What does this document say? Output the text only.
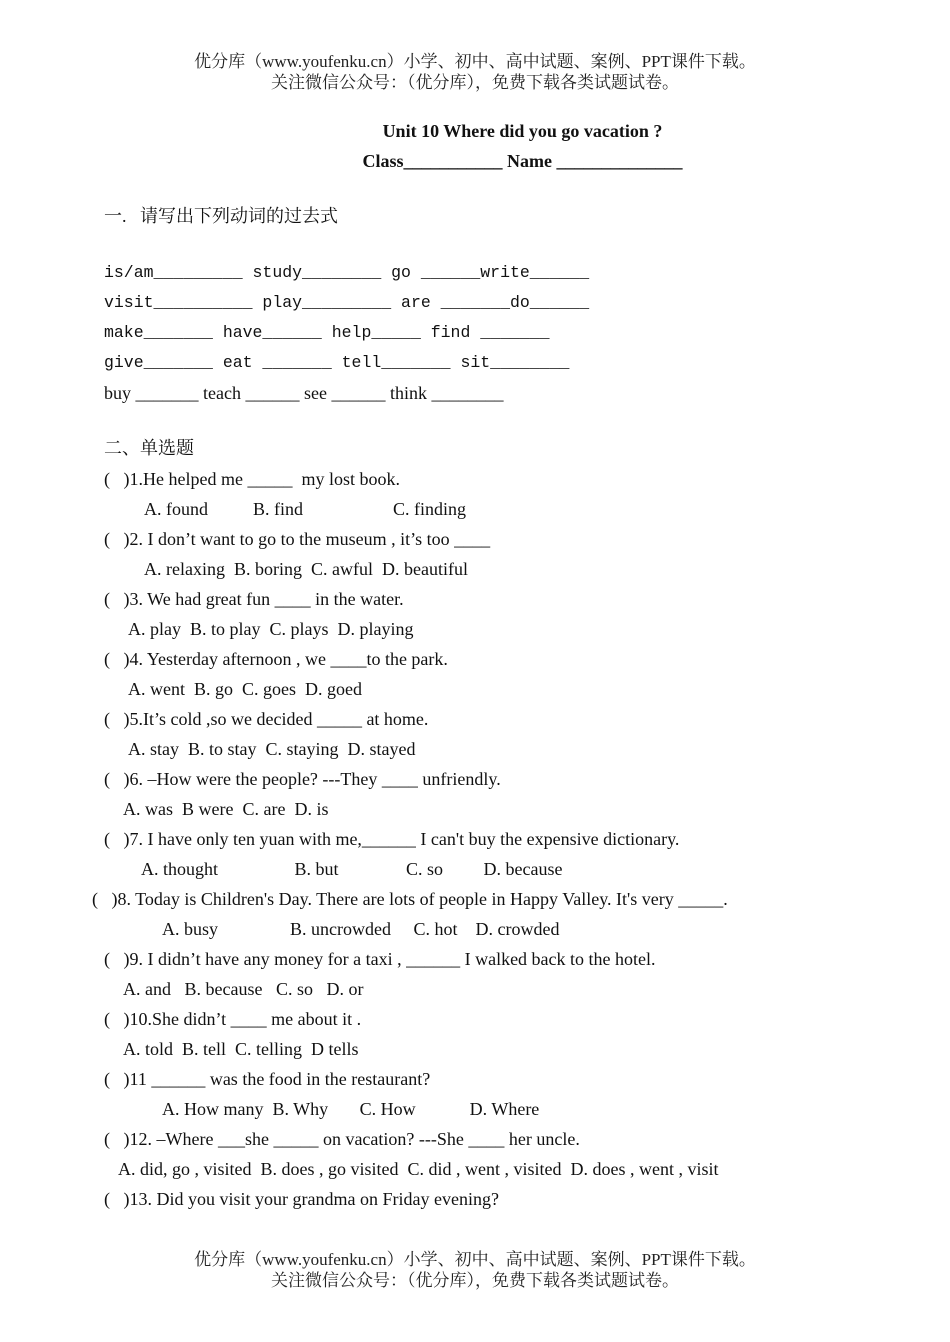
优分库（www.youfenku.cn）小学、初中、高中试题、案例、PPT课件下载。
关注微信公众号：（优分库），免费下载各类试题试卷。
Unit 10 Where did you go vacation ?
Class___________ Name ______________
一.   请写出下列动词的过去式
is/am_________ study________ go ______write______
visit__________ play_________ are _______do______
make_______ have______ help_____ find _______
give_______ eat _______ tell_______ sit________
buy _______ teach ______ see ______ think ________
二、单选题
(   )1.He helped me _____  my lost book.
A. found          B. find                    C. finding
(   )2. I don’t want to go to the museum , it’s too ____
A. relaxing  B. boring  C. awful  D. beautiful
(   )3. We had great fun ____ in the water.
A. play  B. to play  C. plays  D. playing
(   )4. Yesterday afternoon , we ____to the park.
A. went  B. go  C. goes  D. goed
(   )5.It’s cold ,so we decided _____ at home.
A. stay  B. to stay  C. staying  D. stayed
(   )6. –How were the people? ---They ____ unfriendly.
A. was  B were  C. are  D. is
(   )7. I have only ten yuan with me,______ I can't buy the expensive dictionary.
A. thought                 B. but               C. so         D. because
(   )8. Today is Children's Day. There are lots of people in Happy Valley. It's very _____.
A. busy                B. uncrowded     C. hot    D. crowded
(   )9. I didn’t have any money for a taxi , ______ I walked back to the hotel.
A. and   B. because   C. so   D. or
(   )10.She didn’t ____ me about it .
A. told  B. tell  C. telling  D tells
(   )11 ______ was the food in the restaurant?
A. How many  B. Why       C. How            D. Where
(   )12. –Where ___she _____ on vacation? ---She ____ her uncle.
A. did, go , visited  B. does , go visited  C. did , went , visited  D. does , went , visit
(   )13. Did you visit your grandma on Friday evening?
优分库（www.youfenku.cn）小学、初中、高中试题、案例、PPT课件下载。
关注微信公众号：（优分库），免费下载各类试题试卷。
